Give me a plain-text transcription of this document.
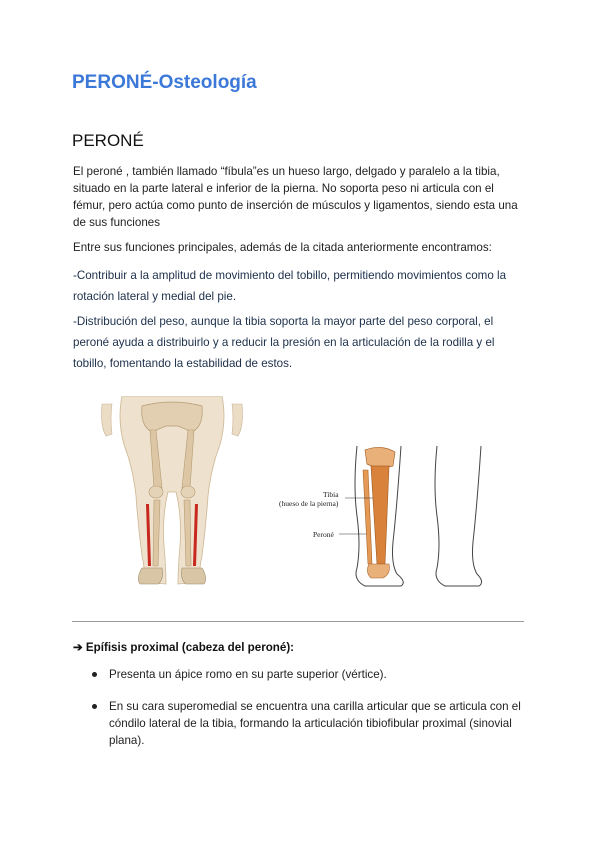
PERONÉ-Osteología
PERONÉ

El peroné , también llamado “fíbula”es un hueso largo, delgado y paralelo a la tibia, situado en la parte lateral e inferior de la pierna. No soporta peso ni articula con el fémur, pero actúa como punto de inserción de músculos y ligamentos, siendo esta una de sus funciones

Entre sus funciones principales, además de la citada anteriormente encontramos:

-Contribuir a la amplitud de movimiento del tobillo, permitiendo movimientos como la rotación lateral y medial del pie.

-Distribución del peso, aunque la tibia soporta la mayor parte del peso corporal, el peroné ayuda a distribuirlo y a reducir la presión en la articulación de la rodilla y el tobillo, fomentando la estabilidad de estos.

Tibia
(hueso de la pierna)
Peroné
➔ Epífisis proximal (cabeza del peroné):
Presenta un ápice romo en su parte superior (vértice).
En su cara superomedial se encuentra una carilla articular que se articula con el cóndilo lateral de la tibia, formando la articulación tibiofibular proximal (sinovial plana).
